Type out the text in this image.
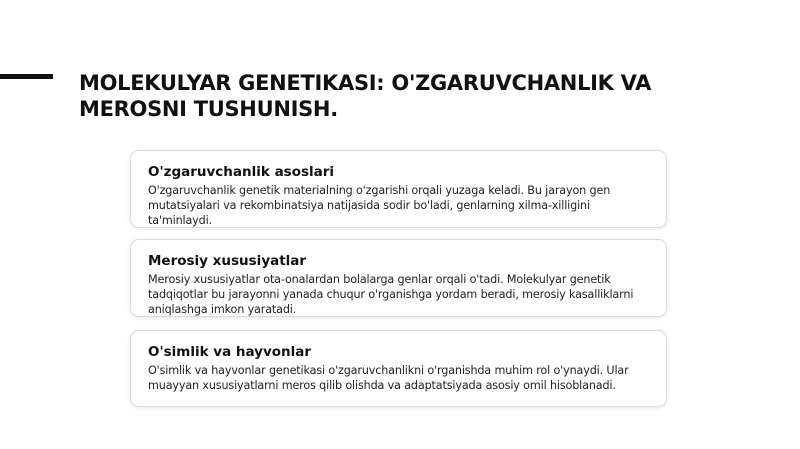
MOLEKULYAR GENETIKASI: O'ZGARUVCHANLIK VA MEROSNI TUSHUNISH.

O'zgaruvchanlik asoslari

O'zgaruvchanlik genetik materialning o'zgarishi orqali yuzaga keladi. Bu jarayon gen mutatsiyalari va rekombinatsiya natijasida sodir bo'ladi, genlarning xilma-xilligini ta'minlaydi.

Merosiy xususiyatlar

Merosiy xususiyatlar ota-onalardan bolalarga genlar orqali o'tadi. Molekulyar genetik tadqiqotlar bu jarayonni yanada chuqur o'rganishga yordam beradi, merosiy kasalliklarni aniqlashga imkon yaratadi.

O'simlik va hayvonlar

O'simlik va hayvonlar genetikasi o'zgaruvchanlikni o'rganishda muhim rol o'ynaydi. Ular muayyan xususiyatlarni meros qilib olishda va adaptatsiyada asosiy omil hisoblanadi.
